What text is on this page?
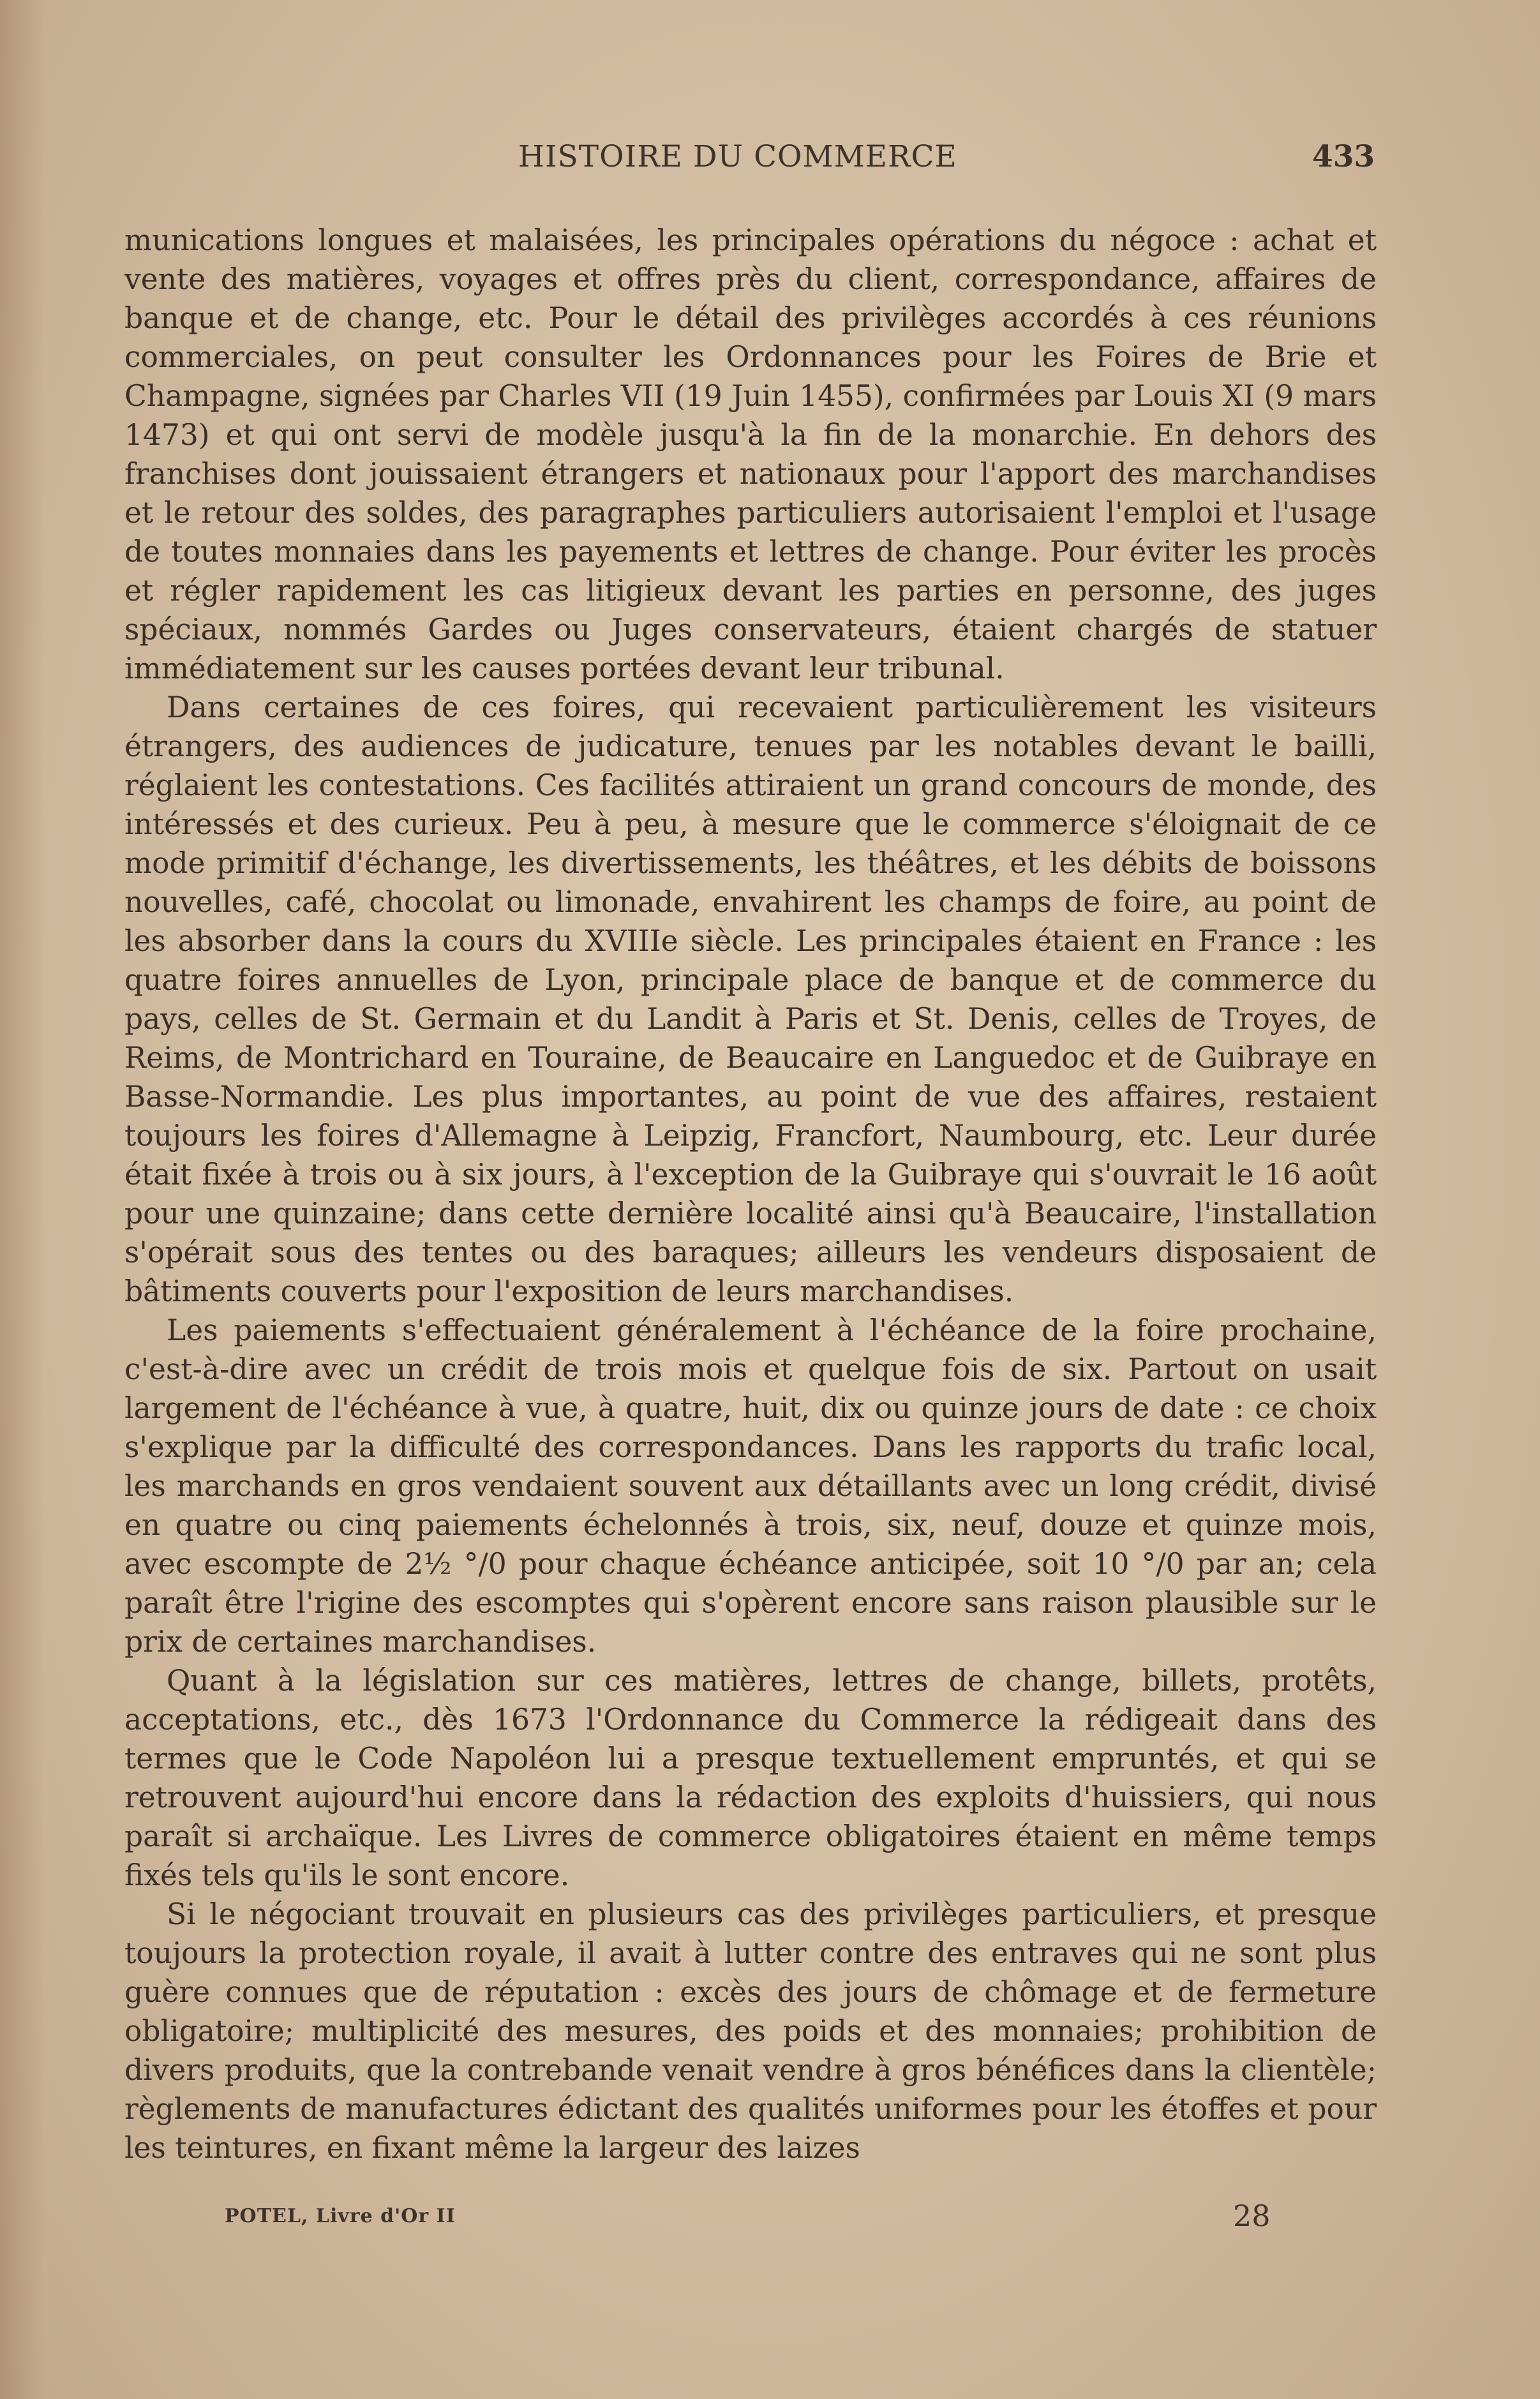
HISTOIRE DU COMMERCE	433

munications longues et malaisées, les principales opérations du négoce : achat et vente des matières, voyages et offres près du client, correspondance, affaires de banque et de change, etc. Pour le détail des privilèges accordés à ces réunions commerciales, on peut consulter les Ordonnances pour les Foires de Brie et Champagne, signées par Charles VII (19 Juin 1455), confirmées par Louis XI (9 mars 1473) et qui ont servi de modèle jusqu'à la fin de la monarchie. En dehors des franchises dont jouissaient étrangers et nationaux pour l'apport des marchandises et le retour des soldes, des paragraphes particuliers autorisaient l'emploi et l'usage de toutes monnaies dans les payements et lettres de change. Pour éviter les procès et régler rapidement les cas litigieux devant les parties en personne, des juges spéciaux, nommés Gardes ou Juges conservateurs, étaient chargés de statuer immédiatement sur les causes portées devant leur tribunal.

Dans certaines de ces foires, qui recevaient particulièrement les visiteurs étrangers, des audiences de judicature, tenues par les notables devant le bailli, réglaient les contestations. Ces facilités attiraient un grand concours de monde, des intéressés et des curieux. Peu à peu, à mesure que le commerce s'éloignait de ce mode primitif d'échange, les divertissements, les théâtres, et les débits de boissons nouvelles, café, chocolat ou limonade, envahirent les champs de foire, au point de les absorber dans la cours du XVIIIe siècle. Les principales étaient en France : les quatre foires annuelles de Lyon, principale place de banque et de commerce du pays, celles de St. Germain et du Landit à Paris et St. Denis, celles de Troyes, de Reims, de Montrichard en Touraine, de Beaucaire en Languedoc et de Guibraye en Basse-Normandie. Les plus importantes, au point de vue des affaires, restaient toujours les foires d'Allemagne à Leipzig, Francfort, Naumbourg, etc. Leur durée était fixée à trois ou à six jours, à l'exception de la Guibraye qui s'ouvrait le 16 août pour une quinzaine; dans cette dernière localité ainsi qu'à Beaucaire, l'installation s'opérait sous des tentes ou des baraques; ailleurs les vendeurs disposaient de bâtiments couverts pour l'exposition de leurs marchandises.

Les paiements s'effectuaient généralement à l'échéance de la foire prochaine, c'est-à-dire avec un crédit de trois mois et quelque fois de six. Partout on usait largement de l'échéance à vue, à quatre, huit, dix ou quinze jours de date : ce choix s'explique par la difficulté des correspondances. Dans les rapports du trafic local, les marchands en gros vendaient souvent aux détaillants avec un long crédit, divisé en quatre ou cinq paiements échelonnés à trois, six, neuf, douze et quinze mois, avec escompte de 2½ °/0 pour chaque échéance anticipée, soit 10 °/0 par an; cela paraît être l'rigine des escomptes qui s'opèrent encore sans raison plausible sur le prix de certaines marchandises.

Quant à la législation sur ces matières, lettres de change, billets, protêts, acceptations, etc., dès 1673 l'Ordonnance du Commerce la rédigeait dans des termes que le Code Napoléon lui a presque textuellement empruntés, et qui se retrouvent aujourd'hui encore dans la rédaction des exploits d'huissiers, qui nous paraît si archaïque. Les Livres de commerce obligatoires étaient en même temps fixés tels qu'ils le sont encore.

Si le négociant trouvait en plusieurs cas des privilèges particuliers, et presque toujours la protection royale, il avait à lutter contre des entraves qui ne sont plus guère connues que de réputation : excès des jours de chômage et de fermeture obligatoire; multiplicité des mesures, des poids et des monnaies; prohibition de divers produits, que la contrebande venait vendre à gros bénéfices dans la clientèle; règlements de manufactures édictant des qualités uniformes pour les étoffes et pour les teintures, en fixant même la largeur des laizes

POTEL, Livre d'Or II	28
